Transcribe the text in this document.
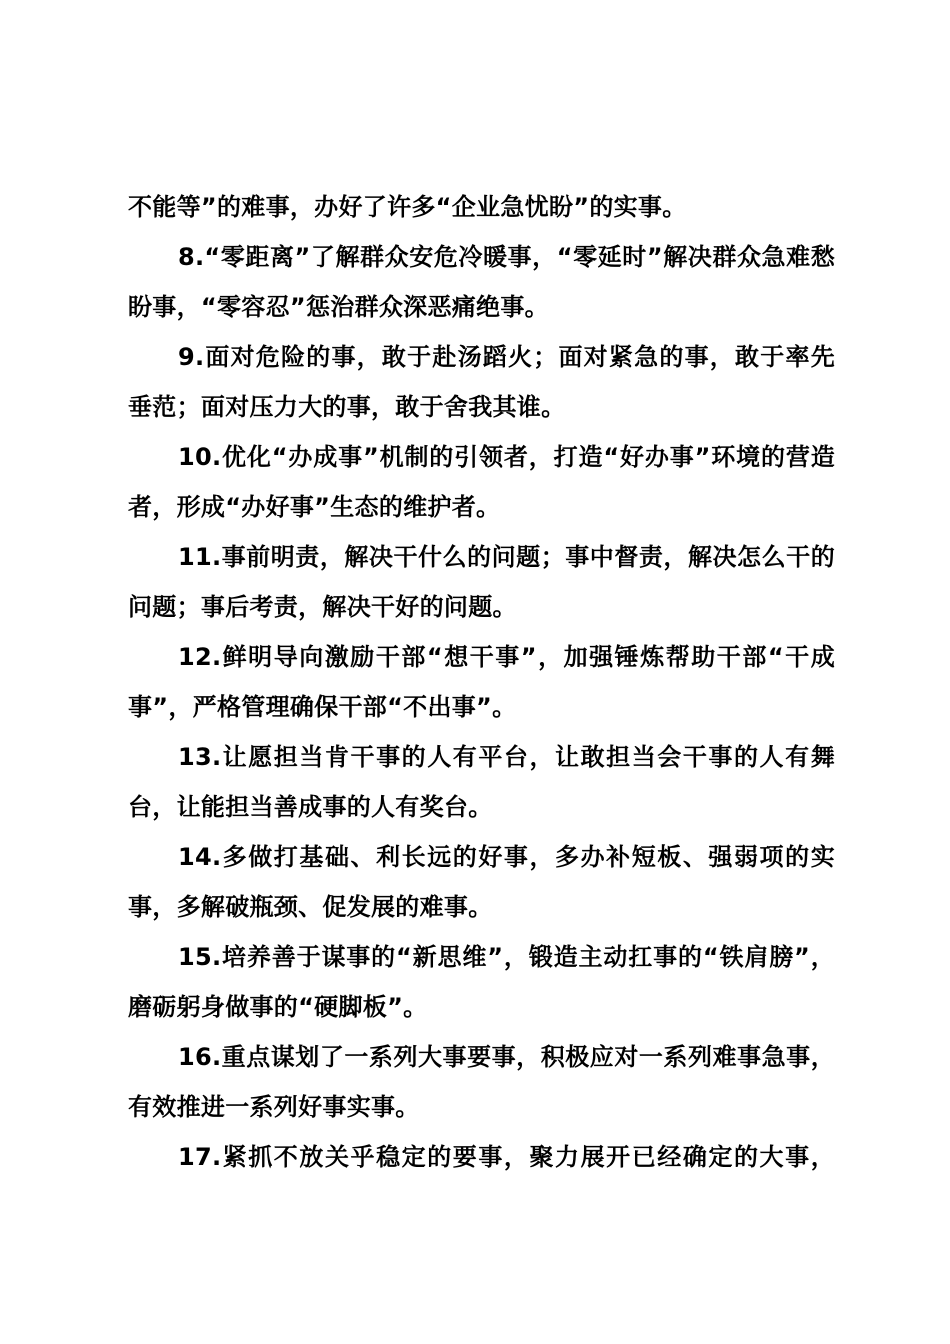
不能等”的难事，办好了许多“企业急忧盼”的实事。

8.“零距离”了解群众安危冷暖事，“零延时”解决群众急难愁盼事，“零容忍”惩治群众深恶痛绝事。

9.面对危险的事，敢于赴汤蹈火；面对紧急的事，敢于率先垂范；面对压力大的事，敢于舍我其谁。

10.优化“办成事”机制的引领者，打造“好办事”环境的营造者，形成“办好事”生态的维护者。

11.事前明责，解决干什么的问题；事中督责，解决怎么干的问题；事后考责，解决干好的问题。

12.鲜明导向激励干部“想干事”，加强锤炼帮助干部“干成事”，严格管理确保干部“不出事”。

13.让愿担当肯干事的人有平台，让敢担当会干事的人有舞台，让能担当善成事的人有奖台。

14.多做打基础、利长远的好事，多办补短板、强弱项的实事，多解破瓶颈、促发展的难事。

15.培养善于谋事的“新思维”，锻造主动扛事的“铁肩膀”，磨砺躬身做事的“硬脚板”。

16.重点谋划了一系列大事要事，积极应对一系列难事急事，有效推进一系列好事实事。

17.紧抓不放关乎稳定的要事，聚力展开已经确定的大事，
